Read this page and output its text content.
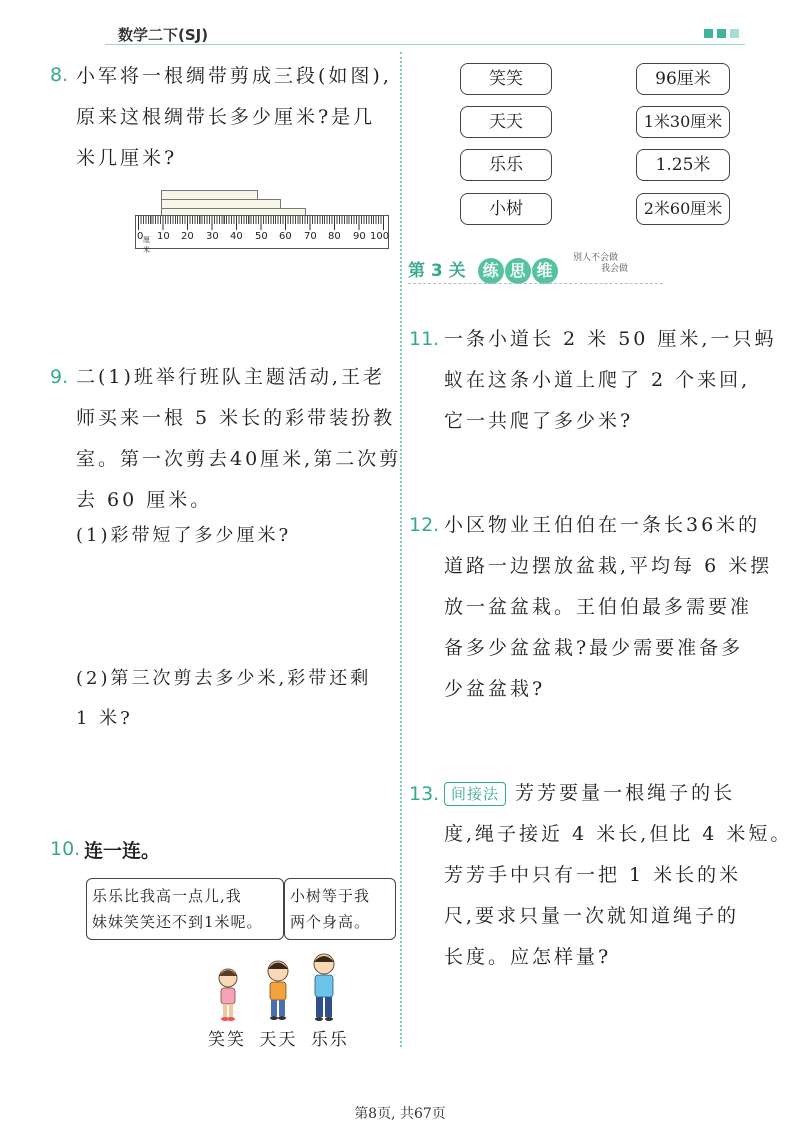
数学二下(SJ)
8. 小军将一根绸带剪成三段(如图),
原来这根绸带长多少厘米?是几
米几厘米?
0 厘米
10 20 30 40 50 60 70 80 90 100
9. 二(1)班举行班队主题活动,王老
师买来一根 5 米长的彩带装扮教
室。第一次剪去40厘米,第二次剪
去 60 厘米。
(1)彩带短了多少厘米?
(2)第三次剪去多少米,彩带还剩
1 米?
10. 连一连。
乐乐比我高一点儿,我
妹妹笑笑还不到1米呢。
小树等于我
两个身高。
笑笑 天天 乐乐
笑笑
天天
乐乐
小树
96厘米
1米30厘米
1.25米
2米60厘米
第 3 关 练 思 维
别人不会做
我会做
11. 一条小道长 2 米 50 厘米,一只蚂
蚁在这条小道上爬了 2 个来回,
它一共爬了多少米?
12. 小区物业王伯伯在一条长36米的
道路一边摆放盆栽,平均每 6 米摆
放一盆盆栽。王伯伯最多需要准
备多少盆盆栽?最少需要准备多
少盆盆栽?
13. 间接法 芳芳要量一根绳子的长
度,绳子接近 4 米长,但比 4 米短。
芳芳手中只有一把 1 米长的米
尺,要求只量一次就知道绳子的
长度。应怎样量?
第8页, 共67页
